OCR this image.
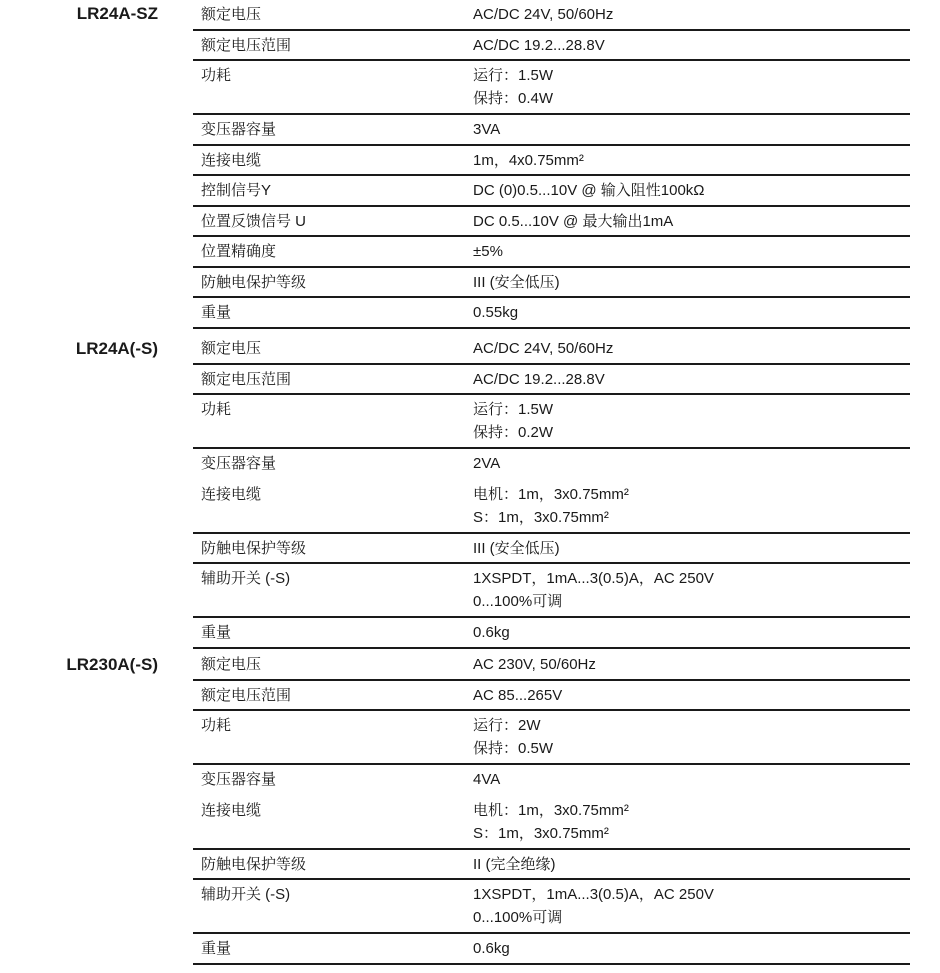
LR24A-SZ	额定电压	AC/DC 24V, 50/60Hz
额定电压范围	AC/DC 19.2...28.8V
功耗	运行：1.5W
保持：0.4W
变压器容量	3VA
连接电缆	1m，4x0.75mm²
控制信号Y	DC (0)0.5...10V @ 输入阻性100kΩ
位置反馈信号 U	DC 0.5...10V @ 最大输出1mA
位置精确度	±5%
防触电保护等级	III (安全低压)
重量	0.55kg
LR24A(-S)	额定电压	AC/DC 24V, 50/60Hz
额定电压范围	AC/DC 19.2...28.8V
功耗	运行：1.5W
保持：0.2W
变压器容量	2VA
连接电缆	电机：1m，3x0.75mm²
S：1m，3x0.75mm²
防触电保护等级	III (安全低压)
辅助开关 (-S)	1XSPDT，1mA...3(0.5)A，AC 250V
0...100%可调
重量	0.6kg
LR230A(-S)	额定电压	AC 230V, 50/60Hz
额定电压范围	AC 85...265V
功耗	运行：2W
保持：0.5W
变压器容量	4VA
连接电缆	电机：1m，3x0.75mm²
S：1m，3x0.75mm²
防触电保护等级	II (完全绝缘)
辅助开关 (-S)	1XSPDT，1mA...3(0.5)A，AC 250V
0...100%可调
重量	0.6kg
